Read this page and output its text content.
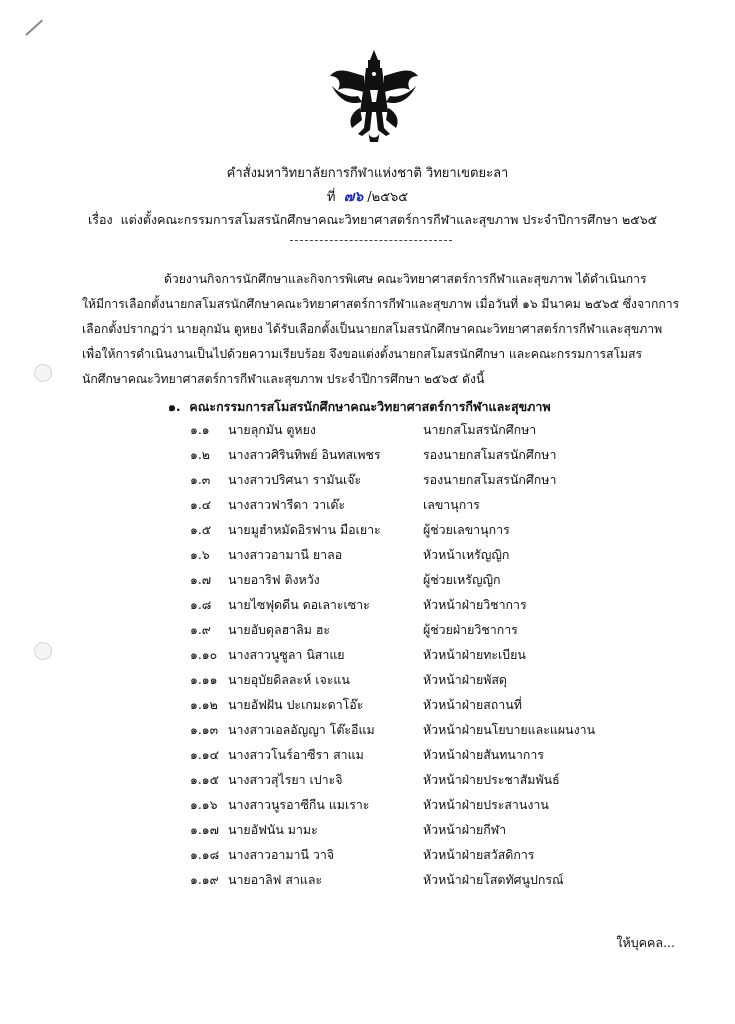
คำสั่งมหาวิทยาลัยการกีฬาแห่งชาติ วิทยาเขตยะลา
ที่ ๗๖ /๒๕๖๕
เรื่อง แต่งตั้งคณะกรรมการสโมสรนักศึกษาคณะวิทยาศาสตร์การกีฬาและสุขภาพ ประจำปีการศึกษา ๒๕๖๕
ด้วยงานกิจการนักศึกษาและกิจการพิเศษ คณะวิทยาศาสตร์การกีฬาและสุขภาพ ได้ดำเนินการ
ให้มีการเลือกตั้งนายกสโมสรนักศึกษาคณะวิทยาศาสตร์การกีฬาและสุขภาพ เมื่อวันที่ ๑๖ มีนาคม ๒๕๖๕ ซึ่งจากการ
เลือกตั้งปรากฏว่า นายลุกมัน ตูหยง ได้รับเลือกตั้งเป็นนายกสโมสรนักศึกษาคณะวิทยาศาสตร์การกีฬาและสุขภาพ
เพื่อให้การดำเนินงานเป็นไปด้วยความเรียบร้อย จึงขอแต่งตั้งนายกสโมสรนักศึกษา และคณะกรรมการสโมสร
นักศึกษาคณะวิทยาศาสตร์การกีฬาและสุขภาพ ประจำปีการศึกษา ๒๕๖๕ ดังนี้
๑. คณะกรรมการสโมสรนักศึกษาคณะวิทยาศาสตร์การกีฬาและสุขภาพ
๑.๑ นายลุกมัน ตูหยง	นายกสโมสรนักศึกษา
๑.๒ นางสาวศิรินทิพย์ อินทสเพชร	รองนายกสโมสรนักศึกษา
๑.๓ นางสาวปริศนา รามันเจ๊ะ	รองนายกสโมสรนักศึกษา
๑.๔ นางสาวฟารีดา วาเด๊ะ	เลขานุการ
๑.๕ นายมูฮำหมัดอิรฟาน มือเยาะ	ผู้ช่วยเลขานุการ
๑.๖ นางสาวอามานี ยาลอ	หัวหน้าเหรัญญิก
๑.๗ นายอาริฟ ติงหวัง	ผู้ช่วยเหรัญญิก
๑.๘ นายไซฟุดดีน ดอเลาะเซาะ	หัวหน้าฝ่ายวิชาการ
๑.๙ นายอับดุลฮาลิม ฮะ	ผู้ช่วยฝ่ายวิชาการ
๑.๑๐ นางสาวนูซูลา นิสาแย	หัวหน้าฝ่ายทะเบียน
๑.๑๑ นายอุบัยดิลละห์ เจะแน	หัวหน้าฝ่ายพัสดุ
๑.๑๒ นายอัฟฝัน ปะเกมะดาโอ๊ะ	หัวหน้าฝ่ายสถานที่
๑.๑๓ นางสาวเอลอัญญา โต๊ะอีแม	หัวหน้าฝ่ายนโยบายและแผนงาน
๑.๑๔ นางสาวโนร์อาซีรา สาแม	หัวหน้าฝ่ายสันทนาการ
๑.๑๕ นางสาวสุไรยา เปาะจิ	หัวหน้าฝ่ายประชาสัมพันธ์
๑.๑๖ นางสาวนูรอาซีกีน แมเราะ	หัวหน้าฝ่ายประสานงาน
๑.๑๗ นายอัฟนัน มามะ	หัวหน้าฝ่ายกีฬา
๑.๑๘ นางสาวอามานี วาจิ	หัวหน้าฝ่ายสวัสดิการ
๑.๑๙ นายอาลิฟ สาและ	หัวหน้าฝ่ายโสตทัศนูปกรณ์
ให้บุคคล...
